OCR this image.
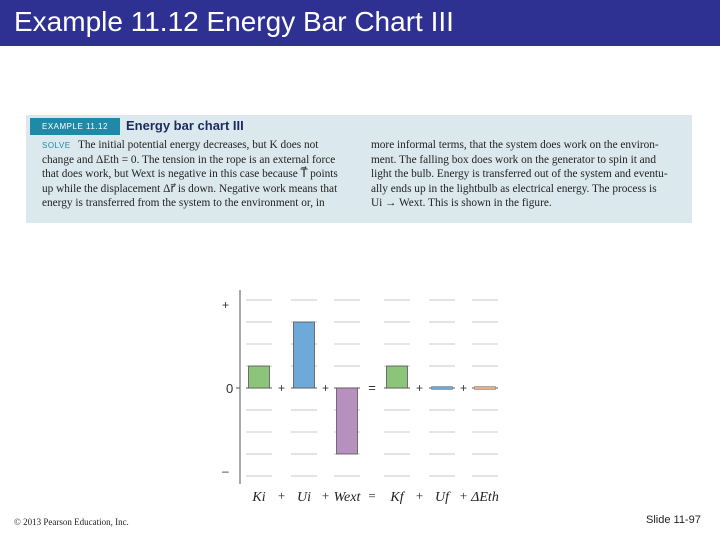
Example 11.12 Energy Bar Chart III
EXAMPLE 11.12	Energy bar chart III
SOLVE The initial potential energy decreases, but K does not
change and ΔEth = 0. The tension in the rope is an external force
that does work, but Wext is negative in this case because T⃗ points
up while the displacement Δr⃗ is down. Negative work means that
energy is transferred from the system to the environment or, in
more informal terms, that the system does work on the environ-
ment. The falling box does work on the generator to spin it and
light the bulb. Energy is transferred out of the system and eventu-
ally ends up in the lightbulb as electrical energy. The process is
Ui → Wext. This is shown in the figure.
+
0
–
+	+	=	+	+
Ki Ui Wext Kf Uf ΔEth
+	+	=	+	+
© 2013 Pearson Education, Inc.	Slide 11-97
